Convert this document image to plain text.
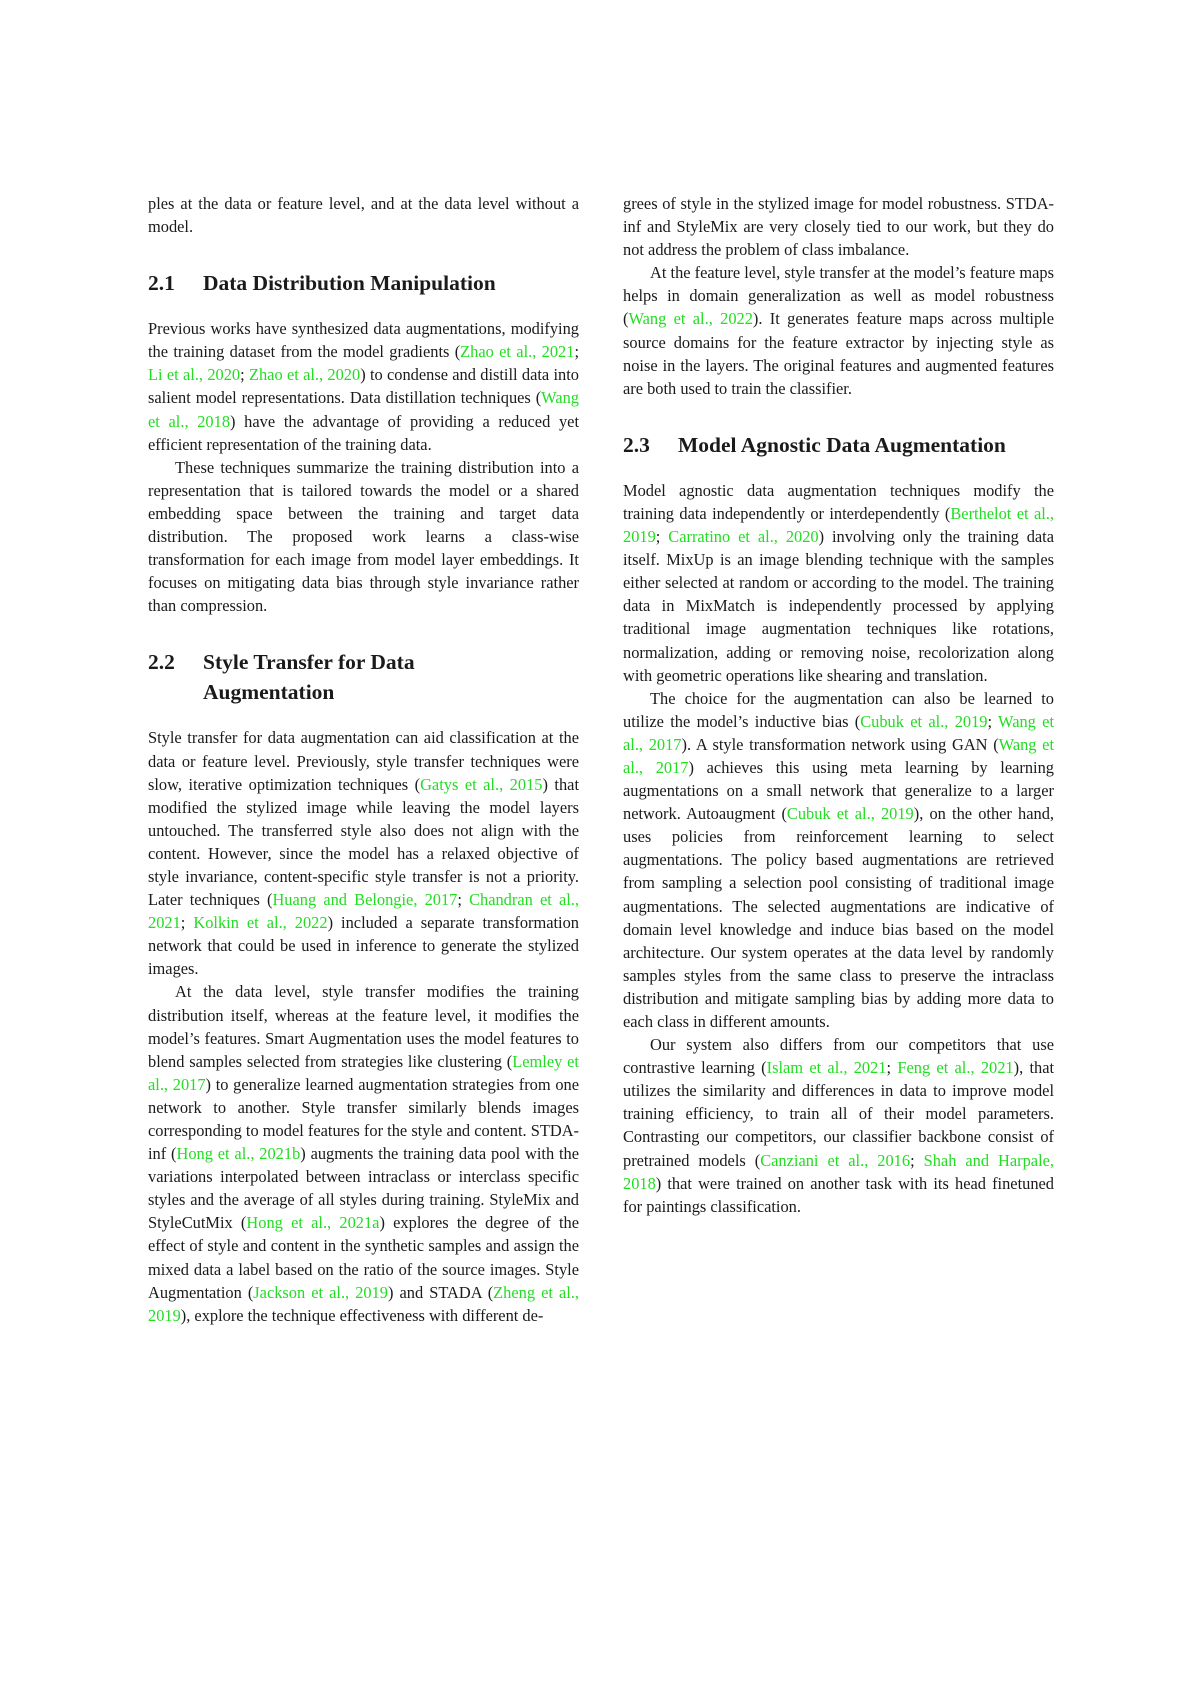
ples at the data or feature level, and at the data level without a model.

2.1 Data Distribution Manipulation

Previous works have synthesized data augmentations, modifying the training dataset from the model gradients (Zhao et al., 2021; Li et al., 2020; Zhao et al., 2020) to condense and distill data into salient model representations. Data distillation techniques (Wang et al., 2018) have the advantage of providing a reduced yet efficient representation of the training data.

These techniques summarize the training distribution into a representation that is tailored towards the model or a shared embedding space between the training and target data distribution. The proposed work learns a class-wise transformation for each image from model layer embeddings. It focuses on mitigating data bias through style invariance rather than compression.

2.2 Style Transfer for Data
Augmentation

Style transfer for data augmentation can aid classification at the data or feature level. Previously, style transfer techniques were slow, iterative optimization techniques (Gatys et al., 2015) that modified the stylized image while leaving the model layers untouched. The transferred style also does not align with the content. However, since the model has a relaxed objective of style invariance, content-specific style transfer is not a priority. Later techniques (Huang and Belongie, 2017; Chandran et al., 2021; Kolkin et al., 2022) included a separate transformation network that could be used in inference to generate the stylized images.

At the data level, style transfer modifies the training distribution itself, whereas at the feature level, it modifies the model’s features. Smart Augmentation uses the model features to blend samples selected from strategies like clustering (Lemley et al., 2017) to generalize learned augmentation strategies from one network to another. Style transfer similarly blends images corresponding to model features for the style and content. STDA-inf (Hong et al., 2021b) augments the training data pool with the variations interpolated between intraclass or interclass specific styles and the average of all styles during training. StyleMix and StyleCutMix (Hong et al., 2021a) explores the degree of the effect of style and content in the synthetic samples and assign the mixed data a label based on the ratio of the source images. Style Augmentation (Jackson et al., 2019) and STADA (Zheng et al., 2019), explore the technique effectiveness with different de-

grees of style in the stylized image for model robustness. STDA-inf and StyleMix are very closely tied to our work, but they do not address the problem of class imbalance.

At the feature level, style transfer at the model’s feature maps helps in domain generalization as well as model robustness (Wang et al., 2022). It generates feature maps across multiple source domains for the feature extractor by injecting style as noise in the layers. The original features and augmented features are both used to train the classifier.

2.3 Model Agnostic Data Augmentation

Model agnostic data augmentation techniques modify the training data independently or interdependently (Berthelot et al., 2019; Carratino et al., 2020) involving only the training data itself. MixUp is an image blending technique with the samples either selected at random or according to the model. The training data in MixMatch is independently processed by applying traditional image augmentation techniques like rotations, normalization, adding or removing noise, recolorization along with geometric operations like shearing and translation.

The choice for the augmentation can also be learned to utilize the model’s inductive bias (Cubuk et al., 2019; Wang et al., 2017). A style transformation network using GAN (Wang et al., 2017) achieves this using meta learning by learning augmentations on a small network that generalize to a larger network. Autoaugment (Cubuk et al., 2019), on the other hand, uses policies from reinforcement learning to select augmentations. The policy based augmentations are retrieved from sampling a selection pool consisting of traditional image augmentations. The selected augmentations are indicative of domain level knowledge and induce bias based on the model architecture. Our system operates at the data level by randomly samples styles from the same class to preserve the intraclass distribution and mitigate sampling bias by adding more data to each class in different amounts.

Our system also differs from our competitors that use contrastive learning (Islam et al., 2021; Feng et al., 2021), that utilizes the similarity and differences in data to improve model training efficiency, to train all of their model parameters. Contrasting our competitors, our classifier backbone consist of pretrained models (Canziani et al., 2016; Shah and Harpale, 2018) that were trained on another task with its head finetuned for paintings classification.
